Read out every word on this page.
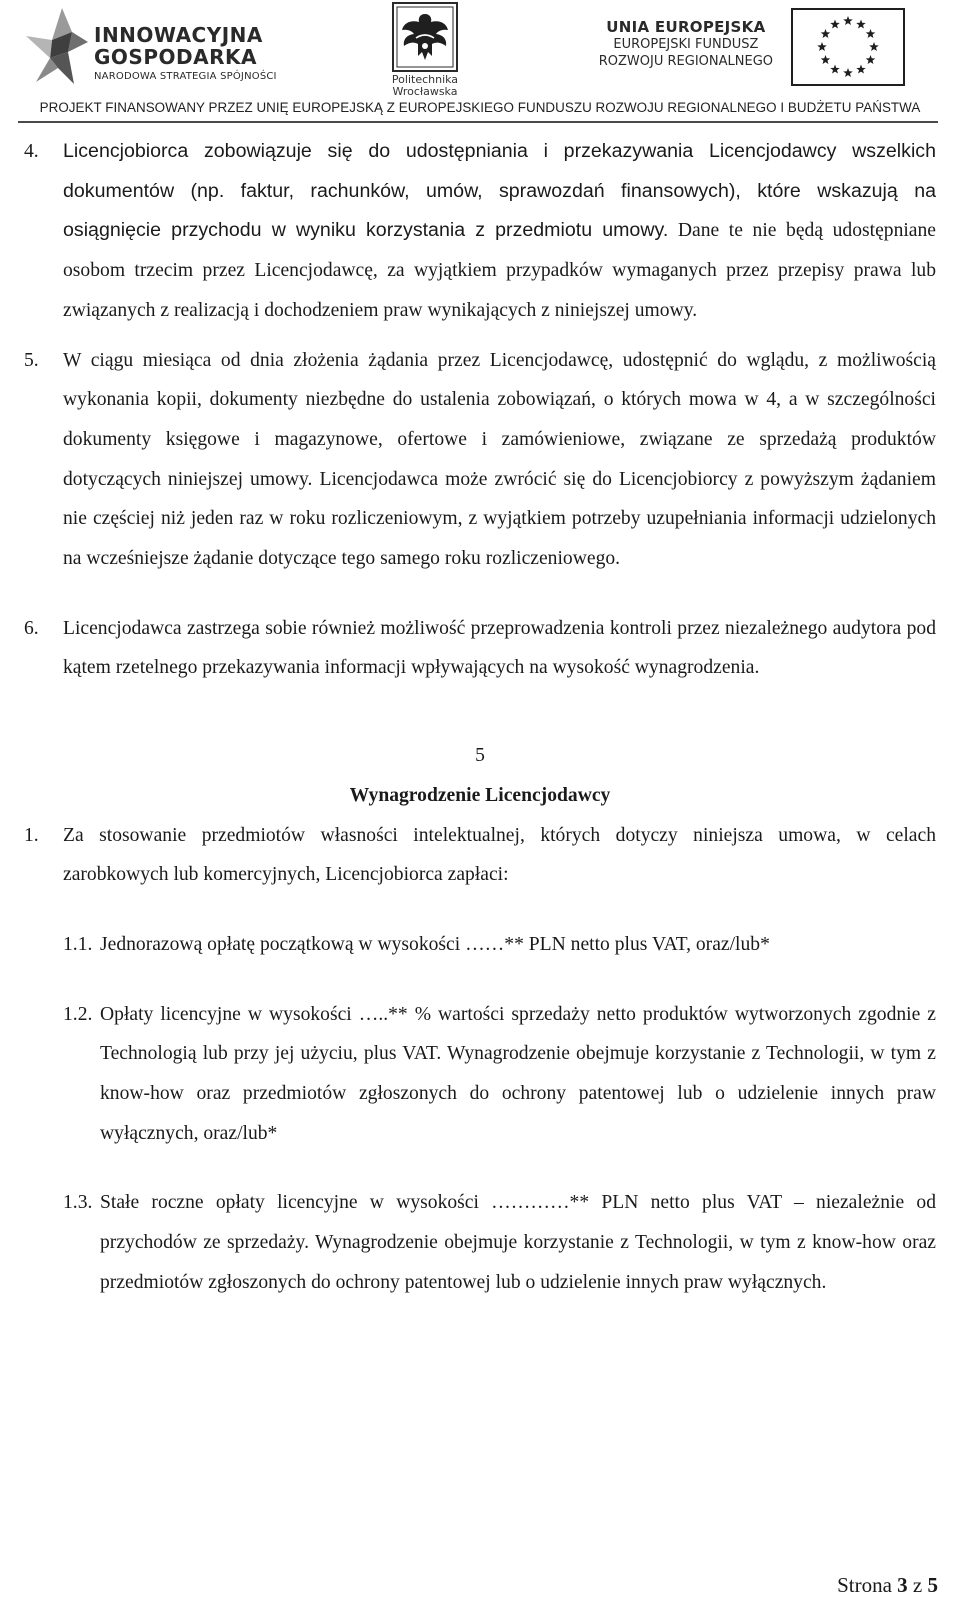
INNOWACYJNA
GOSPODARKA
NARODOWA STRATEGIA SPÓJNOŚCI	Politechnika
Wrocławska
UNIA EUROPEJSKA
EUROPEJSKI FUNDUSZ
ROZWOJU REGIONALNEGO
PROJEKT FINANSOWANY PRZEZ UNIĘ EUROPEJSKĄ Z EUROPEJSKIEGO FUNDUSZU ROZWOJU REGIONALNEGO I BUDŻETU PAŃSTWA
4. Licencjobiorca zobowiązuje się do udostępniania i przekazywania Licencjodawcy wszelkich dokumentów (np. faktur, rachunków, umów, sprawozdań finansowych), które wskazują na osiągnięcie przychodu w wyniku korzystania z przedmiotu umowy. Dane te nie będą udostępniane osobom trzecim przez Licencjodawcę, za wyjątkiem przypadków wymaganych przez przepisy prawa lub związanych z realizacją i dochodzeniem praw wynikających z niniejszej umowy.
5. W ciągu miesiąca od dnia złożenia żądania przez Licencjodawcę, udostępnić do wglądu, z możliwością wykonania kopii, dokumenty niezbędne do ustalenia zobowiązań, o których mowa w 4, a w szczególności dokumenty księgowe i magazynowe, ofertowe i zamówieniowe, związane ze sprzedażą produktów dotyczących niniejszej umowy. Licencjodawca może zwrócić się do Licencjobiorcy z powyższym żądaniem nie częściej niż jeden raz w roku rozliczeniowym, z wyjątkiem potrzeby uzupełniania informacji udzielonych na wcześniejsze żądanie dotyczące tego samego roku rozliczeniowego.
6. Licencjodawca zastrzega sobie również możliwość przeprowadzenia kontroli przez niezależnego audytora pod kątem rzetelnego przekazywania informacji wpływających na wysokość wynagrodzenia.
5
Wynagrodzenie Licencjodawcy
1. Za stosowanie przedmiotów własności intelektualnej, których dotyczy niniejsza umowa, w celach zarobkowych lub komercyjnych, Licencjobiorca zapłaci:
1.1. Jednorazową opłatę początkową w wysokości ……** PLN netto plus VAT, oraz/lub*
1.2. Opłaty licencyjne w wysokości …..** % wartości sprzedaży netto produktów wytworzonych zgodnie z Technologią lub przy jej użyciu, plus VAT. Wynagrodzenie obejmuje korzystanie z Technologii, w tym z know-how oraz przedmiotów zgłoszonych do ochrony patentowej lub o udzielenie innych praw wyłącznych, oraz/lub*
1.3. Stałe roczne opłaty licencyjne w wysokości …………** PLN netto plus VAT – niezależnie od przychodów ze sprzedaży. Wynagrodzenie obejmuje korzystanie z Technologii, w tym z know-how oraz przedmiotów zgłoszonych do ochrony patentowej lub o udzielenie innych praw wyłącznych.
Strona 3 z 5
